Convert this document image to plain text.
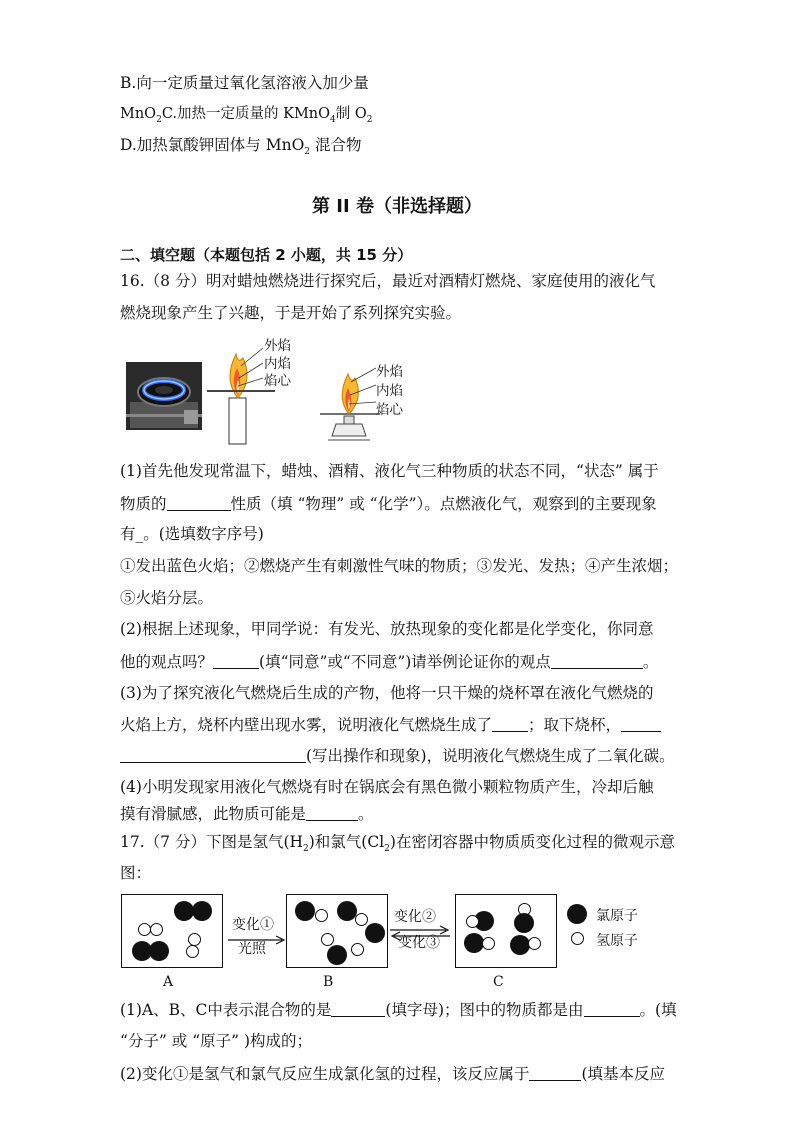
B.向一定质量过氧化氢溶液入加少量
MnO$_2$C.加热一定质量的 KMnO$_4$制 $O_2$
D.加热氯酸钾固体与 MnO$_2$ 混合物
第 II 卷（非选择题）
二、填空题（本题包括 2 小题，共 15 分）
16.（8 分）明对蜡烛燃烧进行探究后，最近对酒精灯燃烧、家庭使用的液化气
燃烧现象产生了兴趣，于是开始了系列探究实验。
外焰
内焰
焰心
外焰
内焰
焰心
(1)首先他发现常温下，蜡烛、酒精、液化气三种物质的状态不同，“状态” 属于
物质的	性质（填 “物理” 或 “化学”）。点燃液化气，观察到的主要现象
有_。(选填数字序号)
①发出蓝色火焰；②燃烧产生有刺激性气味的物质；③发光、发热；④产生浓烟；
⑤火焰分层。
(2)根据上述现象，甲同学说：有发光、放热现象的变化都是化学变化，你同意
他的观点吗？	(填“同意”或“不同意”)请举例论证你的观点	。
(3)为了探究液化气燃烧后生成的产物，他将一只干燥的烧杯罩在液化气燃烧的
火焰上方，烧杯内壁出现水雾，说明液化气燃烧生成了 ；取下烧杯，
(写出操作和现象)，说明液化气燃烧生成了二氧化碳。
(4)小明发现家用液化气燃烧有时在锅底会有黑色微小颗粒物质产生，冷却后触
摸有滑腻感，此物质可能是	。
17.（7 分）下图是氢气$(H_2)$和氯气$(Cl_2)$在密闭容器中物质质变化过程的微观示意
图：
A
变化①
光照
B
变化②
变化③
C
氯原子
氢原子
(1)A、B、C中表示混合物的是	(填字母)；图中的物质都是由	。(填
“分子” 或 “原子” )构成的；
(2)变化①是氢气和氯气反应生成氯化氢的过程，该反应属于	(填基本反应
